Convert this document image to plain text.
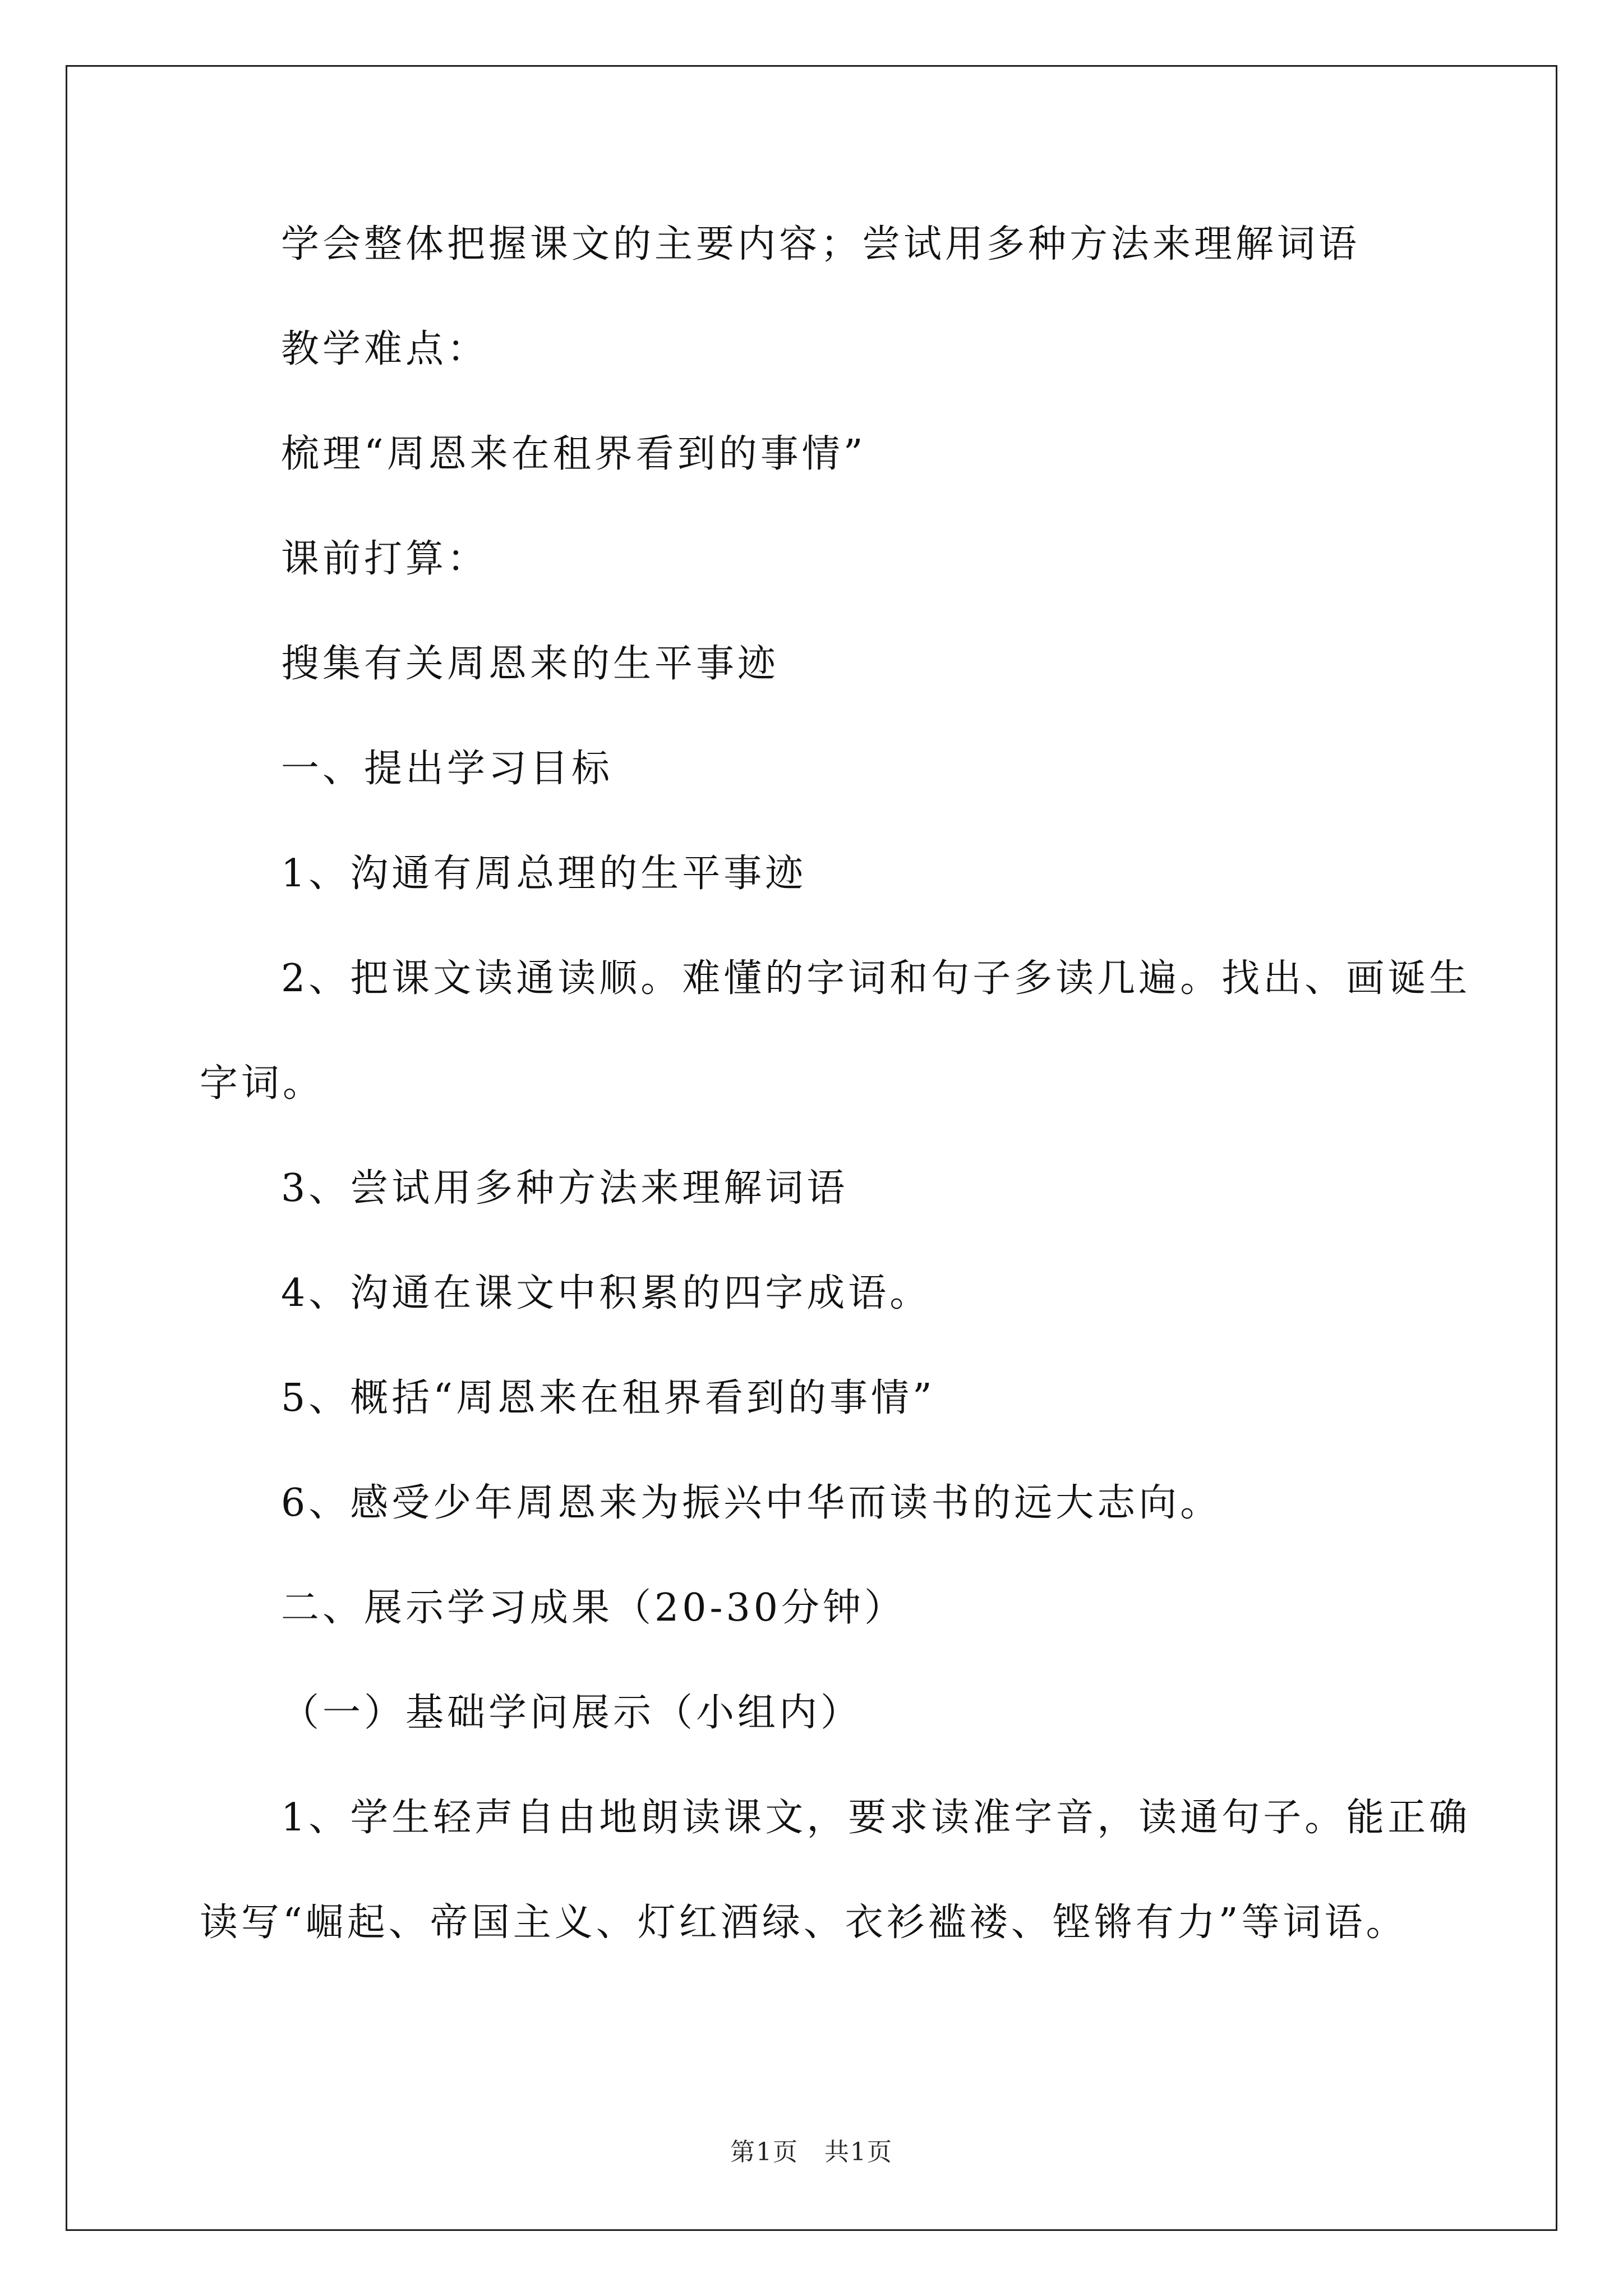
学会整体把握课文的主要内容；尝试用多种方法来理解词语

教学难点：

梳理“周恩来在租界看到的事情”

课前打算：

搜集有关周恩来的生平事迹

一、提出学习目标

1、沟通有周总理的生平事迹

2、把课文读通读顺。难懂的字词和句子多读几遍。找出、画诞生

字词。

3、尝试用多种方法来理解词语

4、沟通在课文中积累的四字成语。

5、概括“周恩来在租界看到的事情”

6、感受少年周恩来为振兴中华而读书的远大志向。

二、展示学习成果（20-30分钟）

（一）基础学问展示（小组内）

1、学生轻声自由地朗读课文，要求读准字音，读通句子。能正确

读写“崛起、帝国主义、灯红酒绿、衣衫褴褛、铿锵有力”等词语。

第1页　共1页
